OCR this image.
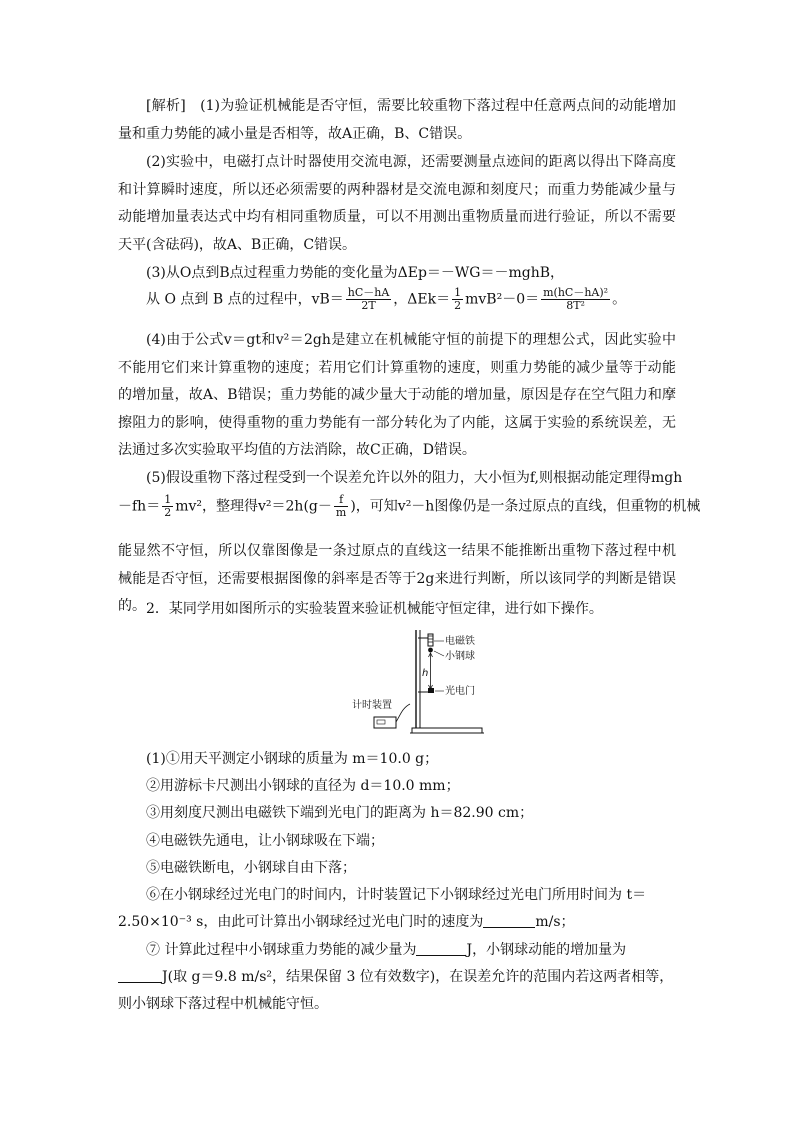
[解析]　(1)为验证机械能是否守恒，需要比较重物下落过程中任意两点间的动能增加量和重力势能的减小量是否相等，故A正确，B、C错误。

(2)实验中，电磁打点计时器使用交流电源，还需要测量点迹间的距离以得出下降高度和计算瞬时速度，所以还必须需要的两种器材是交流电源和刻度尺；而重力势能减少量与动能增加量表达式中均有相同重物质量，可以不用测出重物质量而进行验证，所以不需要天平(含砝码)，故A、B正确，C错误。

(3)从O点到B点过程重力势能的变化量为ΔEp＝－WG＝－mghB，
从 O 点到 B 点的过程中，$vB= \frac{hC-hA}{2T}$ ，$\Delta Ek= \frac{1}{2} mvB^2-0= \frac{\text{m(hC－hA)²}}{\text{8T²}}$ 。

(4)由于公式v＝gt和v²＝2gh是建立在机械能守恒的前提下的理想公式，因此实验中不能用它们来计算重物的速度；若用它们计算重物的速度，则重力势能的减少量等于动能的增加量，故A、B错误；重力势能的减少量大于动能的增加量，原因是存在空气阻力和摩擦阻力的影响，使得重物的重力势能有一部分转化为了内能，这属于实验的系统误差，无法通过多次实验取平均值的方法消除，故C正确，D错误。

(5)假设重物下落过程受到一个误差允许以外的阻力，大小恒为f,则根据动能定理得mgh
$-fh= \frac{1}{2} mv^2$，整理得$v^2=2h(g- \frac{f}{m}$ )，可知v²－h图像仍是一条过原点的直线，但重物的机械

能显然不守恒，所以仅靠图像是一条过原点的直线这一结果不能推断出重物下落过程中机械能是否守恒，还需要根据图像的斜率是否等于2g来进行判断，所以该同学的判断是错误的。 2．某同学用如图所示的实验装置来验证机械能守恒定律，进行如下操作。
电磁铁
小钢球
h
光电门
计时装置
(1)①用天平测定小钢球的质量为 m＝10.0 g；
②用游标卡尺测出小钢球的直径为 d＝10.0 mm；
③用刻度尺测出电磁铁下端到光电门的距离为 h＝82.90 cm；
④电磁铁先通电，让小钢球吸在下端；
⑤电磁铁断电，小钢球自由下落；
⑥在小钢球经过光电门的时间内，计时装置记下小钢球经过光电门所用时间为 t＝
2.50×10⁻³ s，由此可计算出小钢球经过光电门时的速度为	m/s；
⑦ 计算此过程中小钢球重力势能的减少量为	J，小钢球动能的增加量为
J(取 g＝9.8 m/s²，结果保留 3 位有效数字)，在误差允许的范围内若这两者相等，
则小钢球下落过程中机械能守恒。
